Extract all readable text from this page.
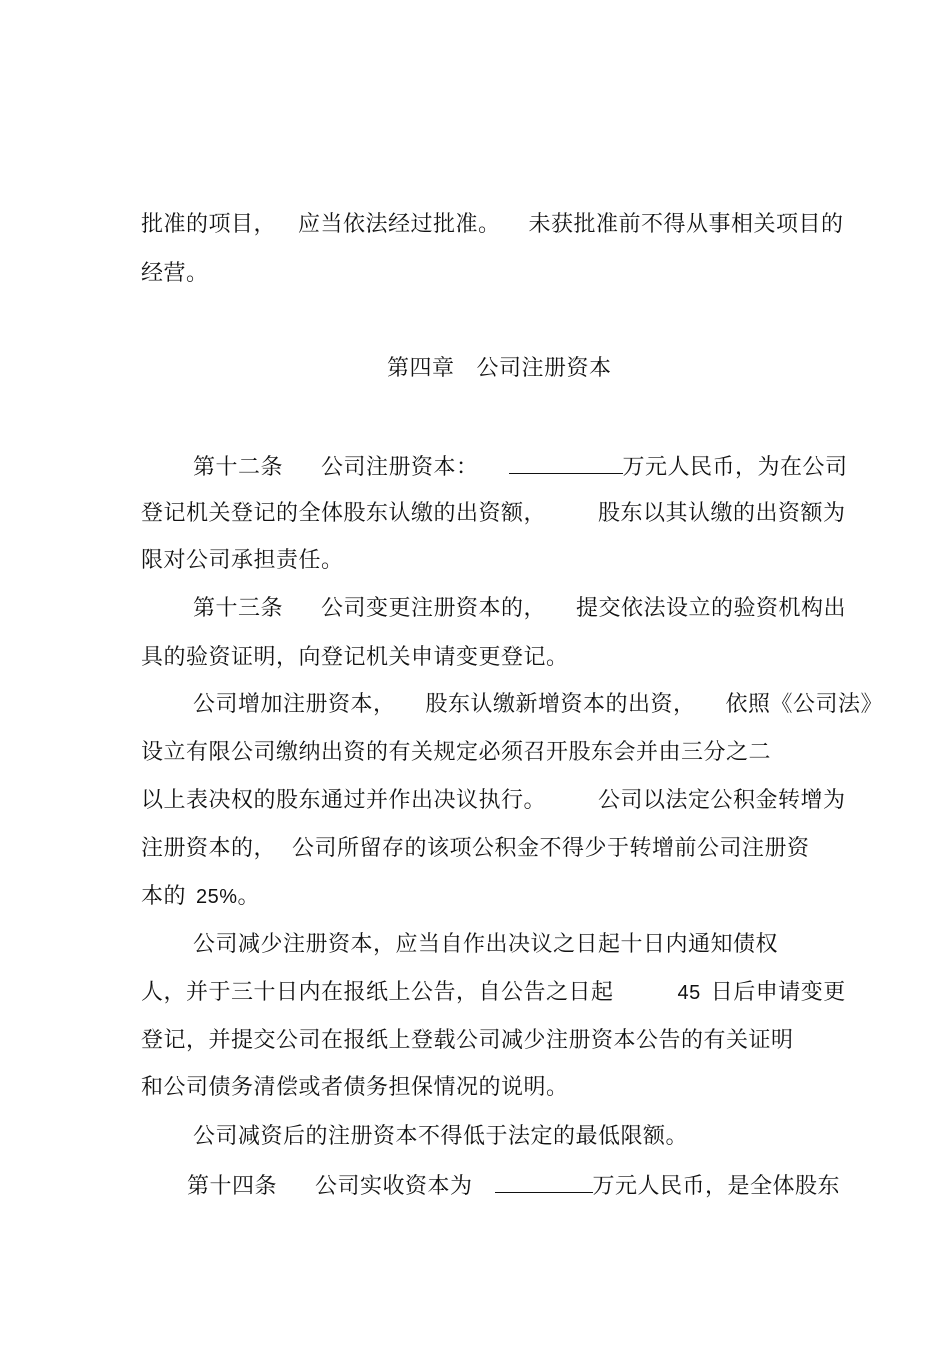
批准的项目， 应当依法经过批准。 未获批准前不得从事相关项目的

经营。

第四章 公司注册资本

第十二条 公司注册资本：	万元人民币，为在公司

登记机关登记的全体股东认缴的出资额， 股东以其认缴的出资额为

限对公司承担责任。

第十三条 公司变更注册资本的， 提交依法设立的验资机构出

具的验资证明，向登记机关申请变更登记。

公司增加注册资本， 股东认缴新增资本的出资， 依照《公司法》

设立有限公司缴纳出资的有关规定必须召开股东会并由三分之二

以上表决权的股东通过并作出决议执行。 公司以法定公积金转增为

注册资本的， 公司所留存的该项公积金不得少于转增前公司注册资

本的 25%。

公司减少注册资本，应当自作出决议之日起十日内通知债权

人，并于三十日内在报纸上公告，自公告之日起	45 日后申请变更

登记，并提交公司在报纸上登载公司减少注册资本公告的有关证明

和公司债务清偿或者债务担保情况的说明。

公司减资后的注册资本不得低于法定的最低限额。

第十四条 公司实收资本为	万元人民币，是全体股东
